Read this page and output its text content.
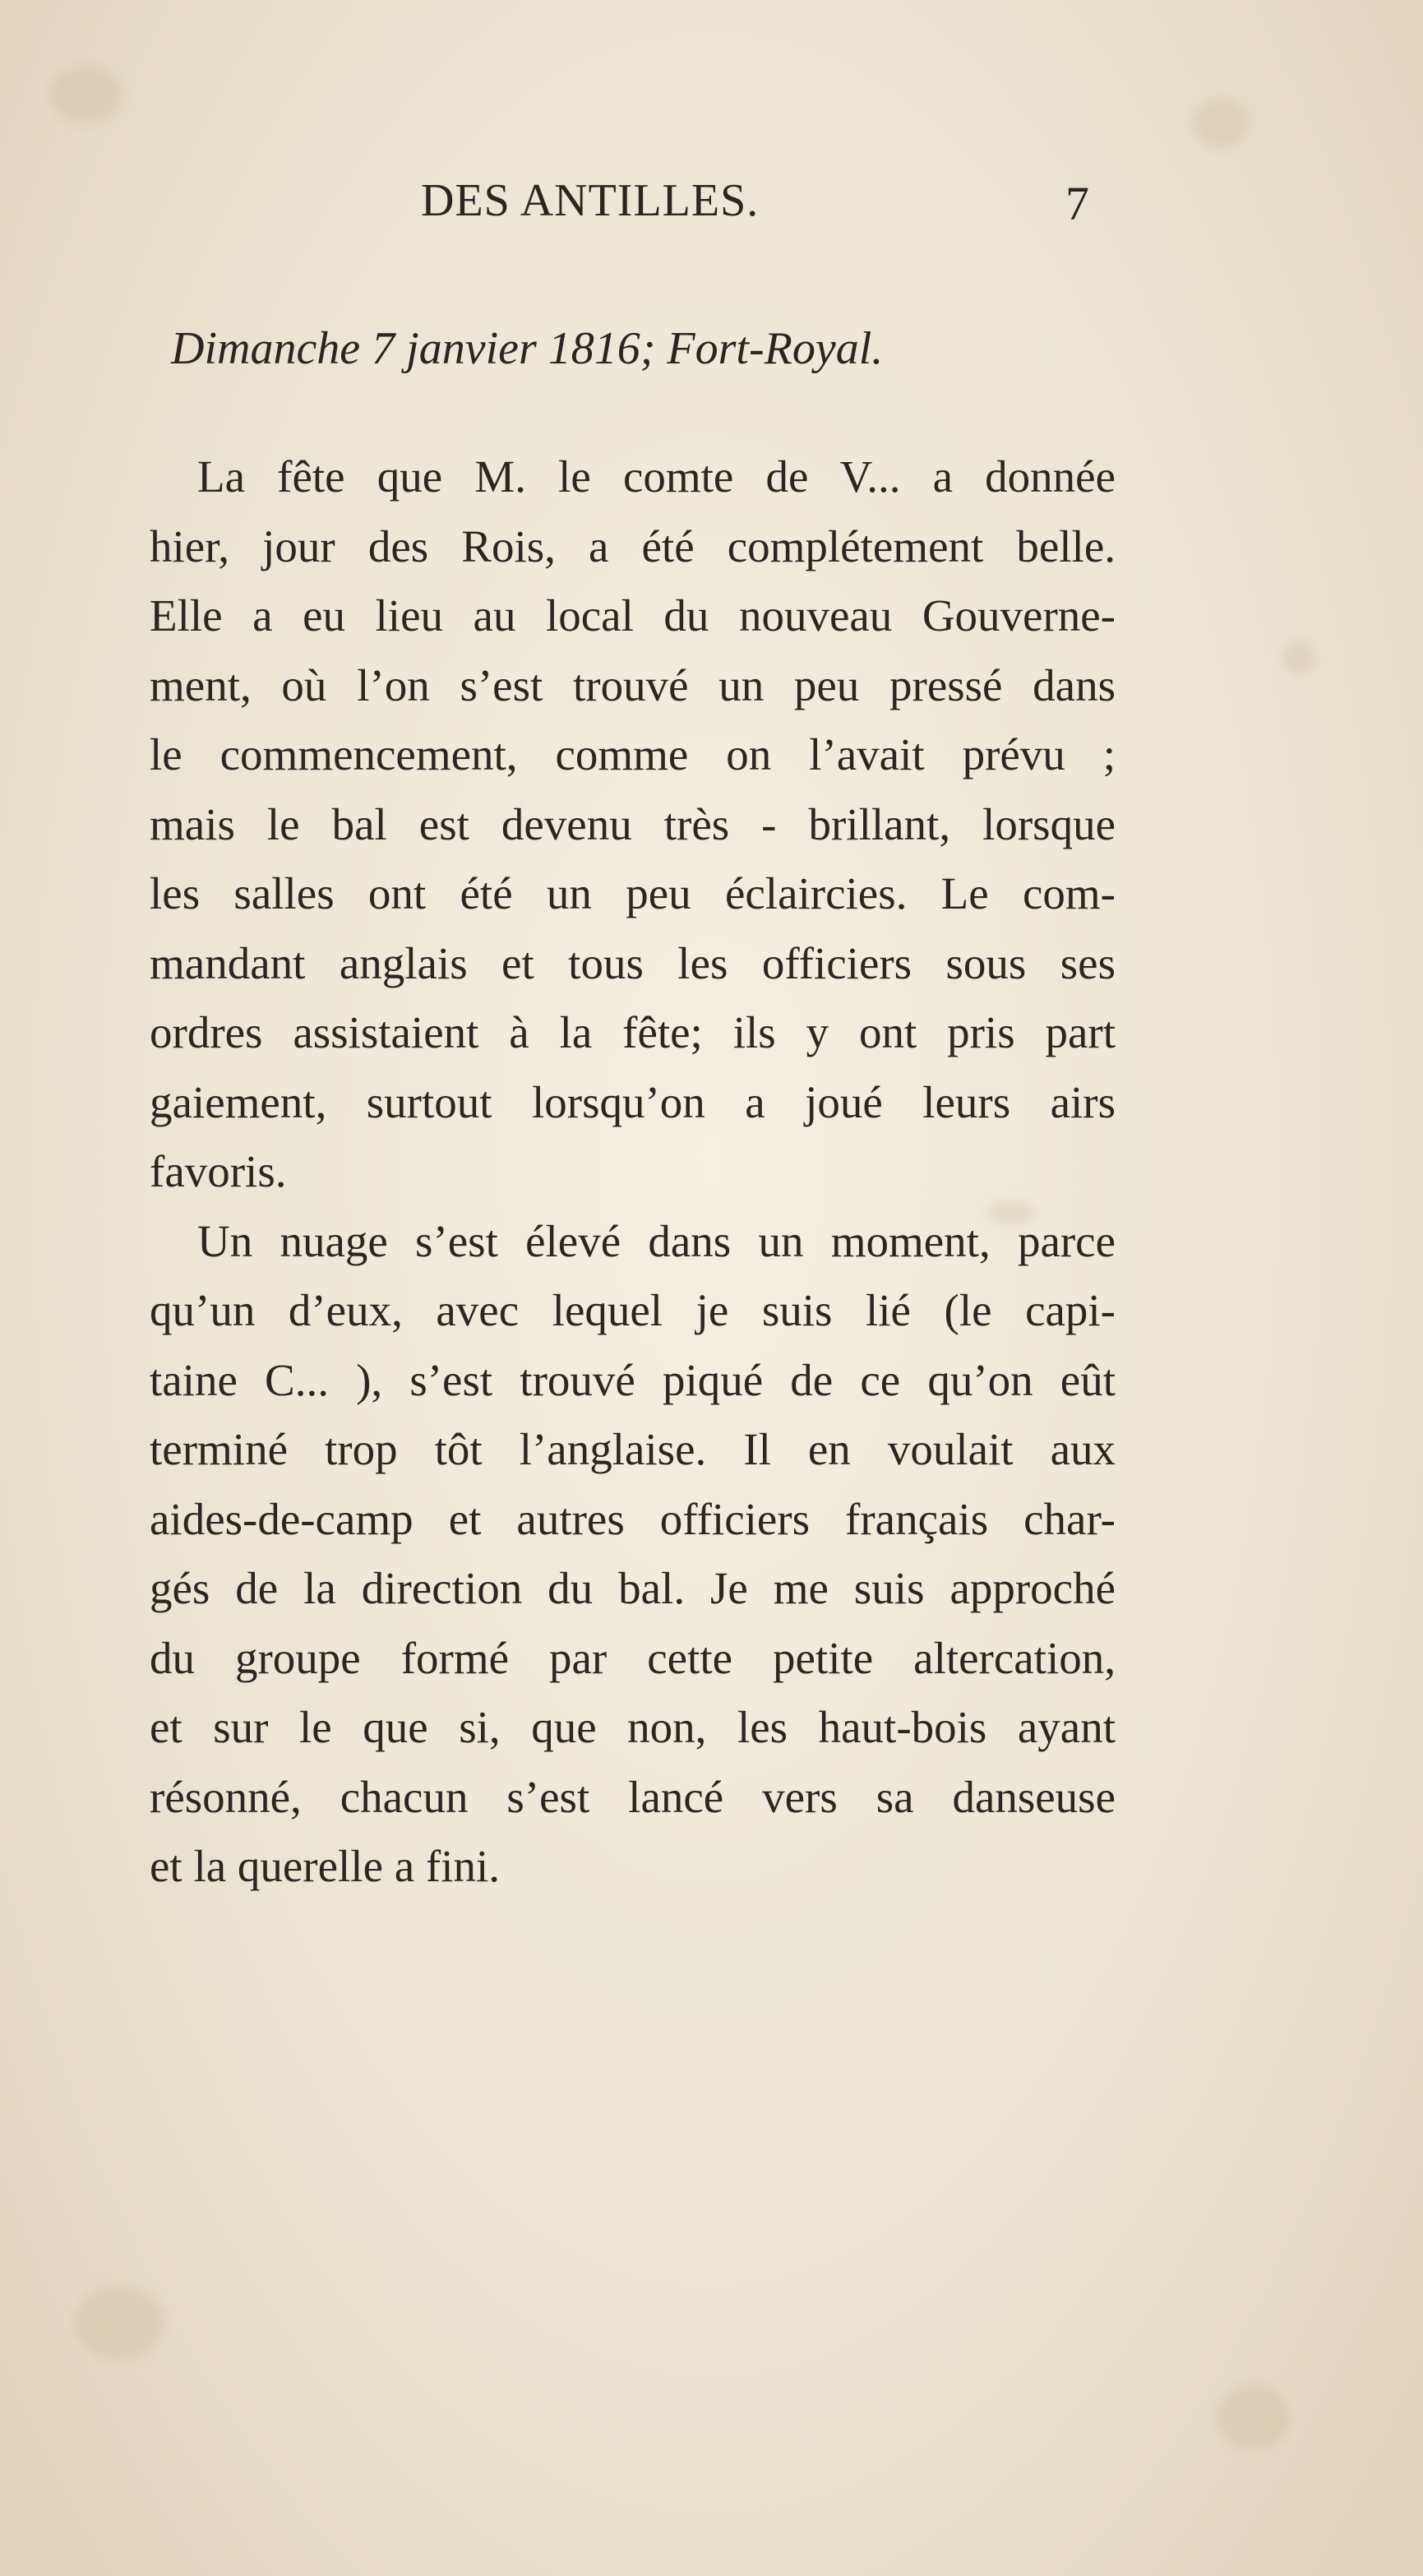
DES ANTILLES.	7
Dimanche 7 janvier 1816; Fort-Royal.

La fête que M. le comte de V... a donnée
hier, jour des Rois, a été complétement belle.
Elle a eu lieu au local du nouveau Gouverne-
ment, où l’on s’est trouvé un peu pressé dans
le commencement, comme on l’avait prévu ;
mais le bal est devenu très - brillant, lorsque
les salles ont été un peu éclaircies. Le com-
mandant anglais et tous les officiers sous ses
ordres assistaient à la fête; ils y ont pris part
gaiement, surtout lorsqu’on a joué leurs airs
favoris.

Un nuage s’est élevé dans un moment, parce
qu’un d’eux, avec lequel je suis lié (le capi-
taine C... ), s’est trouvé piqué de ce qu’on eût
terminé trop tôt l’anglaise. Il en voulait aux
aides-de-camp et autres officiers français char-
gés de la direction du bal. Je me suis approché
du groupe formé par cette petite altercation,
et sur le que si, que non, les haut-bois ayant
résonné, chacun s’est lancé vers sa danseuse
et la querelle a fini.
